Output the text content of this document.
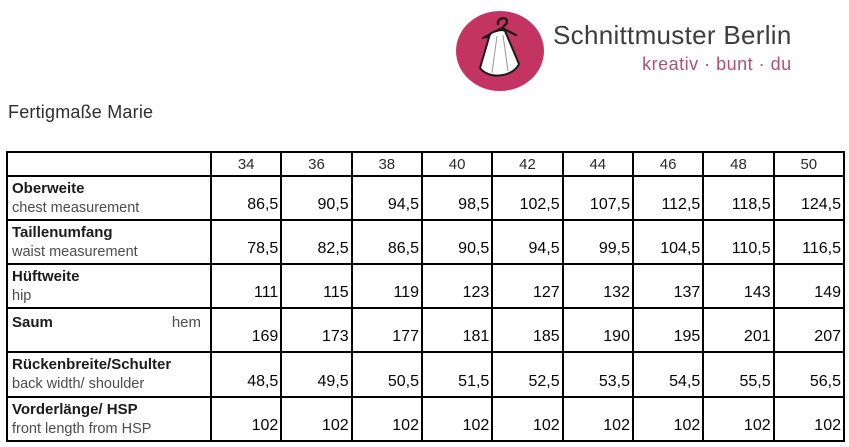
Schnittmuster Berlin
kreativ · bunt · du
Fertigmaße Marie
	34	36	38	40	42	44	46	48	50

Oberweite
chest measurement	86,5	90,5	94,5	98,5	102,5	107,5	112,5	118,5	124,5

Taillenumfang
waist measurement	78,5	82,5	86,5	90,5	94,5	99,5	104,5	110,5	116,5

Hüftweite
hip	111	115	119	123	127	132	137	143	149

Saum hem	169	173	177	181	185	190	195	201	207

Rückenbreite/Schulter
back width/ shoulder	48,5	49,5	50,5	51,5	52,5	53,5	54,5	55,5	56,5

Vorderlänge/ HSP
front length from HSP	102	102	102	102	102	102	102	102	102
